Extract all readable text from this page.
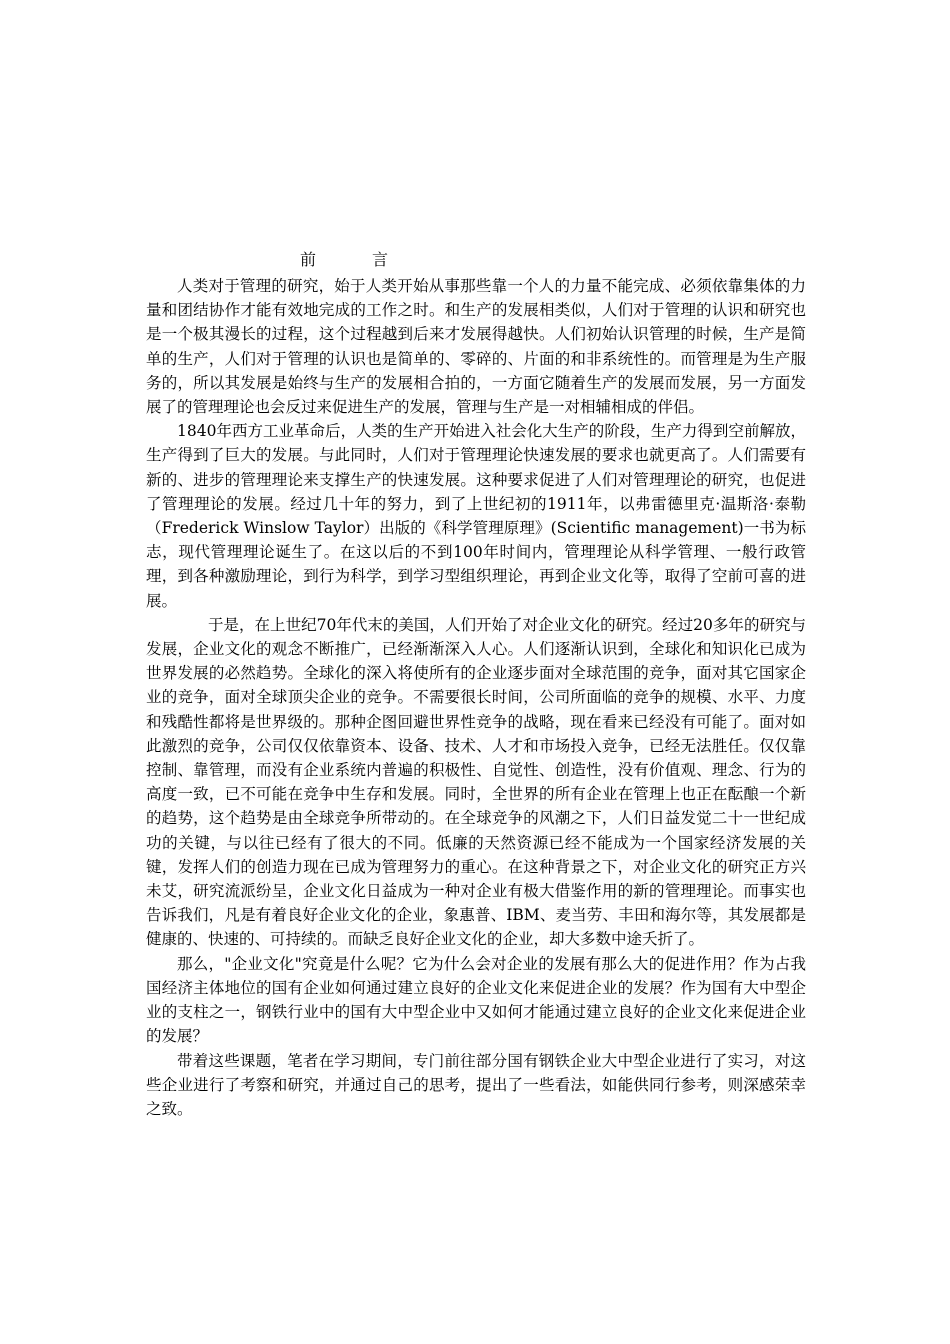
前言

人类对于管理的研究，始于人类开始从事那些靠一个人的力量不能完成、必须依靠集体的力量和团结协作才能有效地完成的工作之时。和生产的发展相类似，人们对于管理的认识和研究也是一个极其漫长的过程，这个过程越到后来才发展得越快。人们初始认识管理的时候，生产是简单的生产，人们对于管理的认识也是简单的、零碎的、片面的和非系统性的。而管理是为生产服务的，所以其发展是始终与生产的发展相合拍的，一方面它随着生产的发展而发展，另一方面发展了的管理理论也会反过来促进生产的发展，管理与生产是一对相辅相成的伴侣。

1840年西方工业革命后，人类的生产开始进入社会化大生产的阶段，生产力得到空前解放，生产得到了巨大的发展。与此同时，人们对于管理理论快速发展的要求也就更高了。人们需要有新的、进步的管理理论来支撑生产的快速发展。这种要求促进了人们对管理理论的研究，也促进了管理理论的发展。经过几十年的努力，到了上世纪初的1911年，以弗雷德里克·温斯洛·泰勒（Frederick Winslow Taylor）出版的《科学管理原理》(Scientific management)一书为标志，现代管理理论诞生了。在这以后的不到100年时间内，管理理论从科学管理、一般行政管理，到各种激励理论，到行为科学，到学习型组织理论，再到企业文化等，取得了空前可喜的进展。

于是，在上世纪70年代末的美国，人们开始了对企业文化的研究。经过20多年的研究与发展，企业文化的观念不断推广，已经渐渐深入人心。人们逐渐认识到，全球化和知识化已成为世界发展的必然趋势。全球化的深入将使所有的企业逐步面对全球范围的竞争，面对其它国家企业的竞争，面对全球顶尖企业的竞争。不需要很长时间，公司所面临的竞争的规模、水平、力度和残酷性都将是世界级的。那种企图回避世界性竞争的战略，现在看来已经没有可能了。面对如此激烈的竞争，公司仅仅依靠资本、设备、技术、人才和市场投入竞争，已经无法胜任。仅仅靠控制、靠管理，而没有企业系统内普遍的积极性、自觉性、创造性，没有价值观、理念、行为的高度一致，已不可能在竞争中生存和发展。同时，全世界的所有企业在管理上也正在酝酿一个新的趋势，这个趋势是由全球竞争所带动的。在全球竞争的风潮之下，人们日益发觉二十一世纪成功的关键，与以往已经有了很大的不同。低廉的天然资源已经不能成为一个国家经济发展的关键，发挥人们的创造力现在已成为管理努力的重心。在这种背景之下，对企业文化的研究正方兴未艾，研究流派纷呈，企业文化日益成为一种对企业有极大借鉴作用的新的管理理论。而事实也告诉我们，凡是有着良好企业文化的企业，象惠普、IBM、麦当劳、丰田和海尔等，其发展都是健康的、快速的、可持续的。而缺乏良好企业文化的企业，却大多数中途夭折了。

那么，"企业文化"究竟是什么呢？它为什么会对企业的发展有那么大的促进作用？作为占我国经济主体地位的国有企业如何通过建立良好的企业文化来促进企业的发展？作为国有大中型企业的支柱之一，钢铁行业中的国有大中型企业中又如何才能通过建立良好的企业文化来促进企业的发展？

带着这些课题，笔者在学习期间，专门前往部分国有钢铁企业大中型企业进行了实习，对这些企业进行了考察和研究，并通过自己的思考，提出了一些看法，如能供同行参考，则深感荣幸之致。
